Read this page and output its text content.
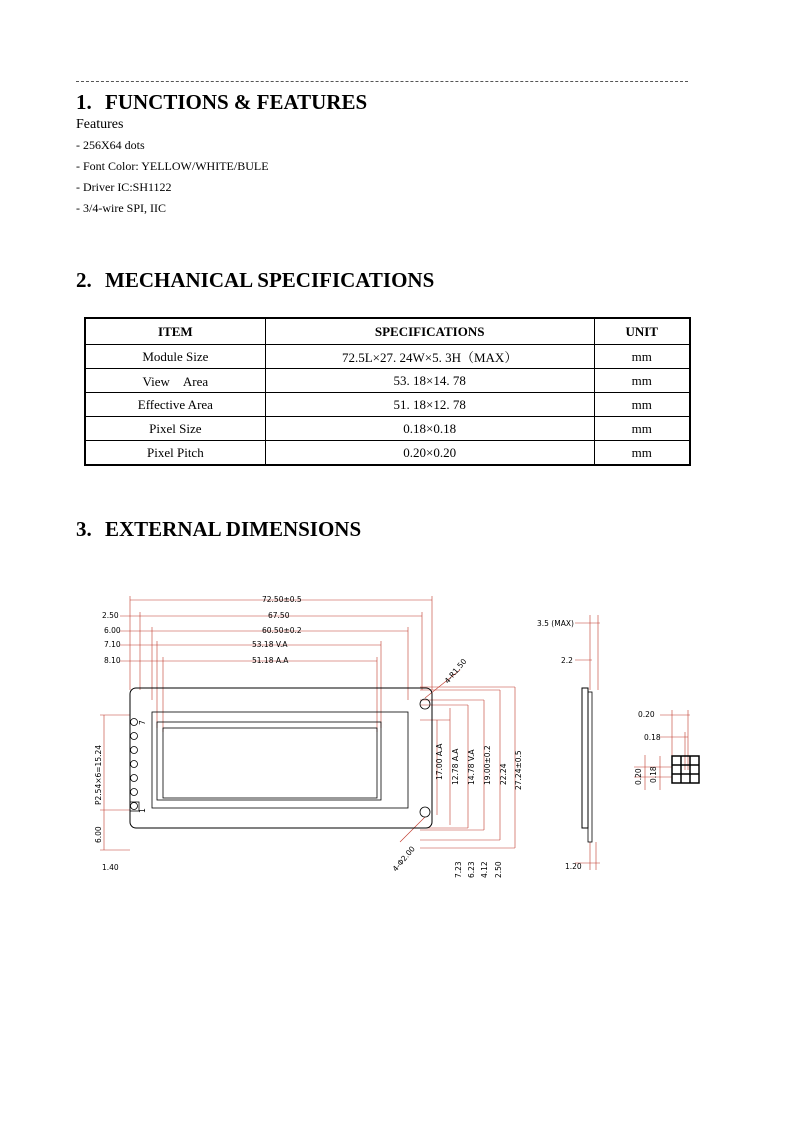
1. FUNCTIONS & FEATURES
Features
- 256X64 dots
- Font Color: YELLOW/WHITE/BULE
- Driver IC:SH1122
- 3/4-wire SPI, IIC
2. MECHANICAL SPECIFICATIONS
ITEM	SPECIFICATIONS	UNIT
Module Size	72.5L×27. 24W×5. 3H（MAX）	mm
View　Area	53. 18×14. 78	mm
Effective Area	51. 18×12. 78	mm
Pixel Size	0.18×0.18	mm
Pixel Pitch	0.20×0.20	mm
3. EXTERNAL DIMENSIONS
72.50±0.5
67.50
60.50±0.2
53.18 V.A
51.18 A.A
2.50
6.00
7.10
8.10	4-R1.50
4-Φ2.00
P2.54×6=15.24
6.00
1.40
1
7
17.00 A.A 12.78 A.A 14.78 V.A 19.00±0.2 22.24 27.24±0.5
7.23 6.23 4.12 2.50
3.5 (MAX)
2.2
1.20
0.20
0.18
0.20 0.18
